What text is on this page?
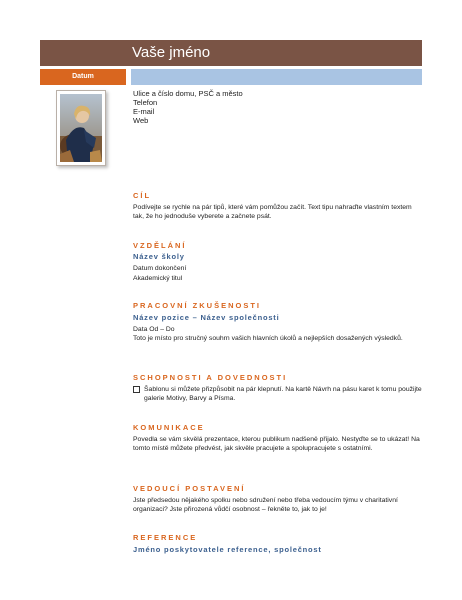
Vaše jméno
Datum
Ulice a číslo domu, PSČ a město
Telefon
E-mail
Web
CÍL
Podívejte se rychle na pár tipů, které vám pomůžou začít. Text tipu nahraďte vlastním textem tak, že ho jednoduše vyberete a začnete psát.
VZDĚLÁNÍ
Název školy
Datum dokončení
Akademický titul
PRACOVNÍ ZKUŠENOSTI
Název pozice – Název společnosti
Data Od – Do
Toto je místo pro stručný souhrn vašich hlavních úkolů a nejlepších dosažených výsledků.
SCHOPNOSTI A DOVEDNOSTI
Šablonu si můžete přizpůsobit na pár klepnutí. Na kartě Návrh na pásu karet k tomu použijte galerie Motivy, Barvy a Písma.
KOMUNIKACE
Povedla se vám skvělá prezentace, kterou publikum nadšeně přijalo. Nestyďte se to ukázat! Na tomto místě můžete předvést, jak skvěle pracujete a spolupracujete s ostatními.
VEDOUCÍ POSTAVENÍ
Jste předsedou nějakého spolku nebo sdružení nebo třeba vedoucím týmu v charitativní organizaci? Jste přirozená vůdčí osobnost – řekněte to, jak to je!
REFERENCE
Jméno poskytovatele reference, společnost
